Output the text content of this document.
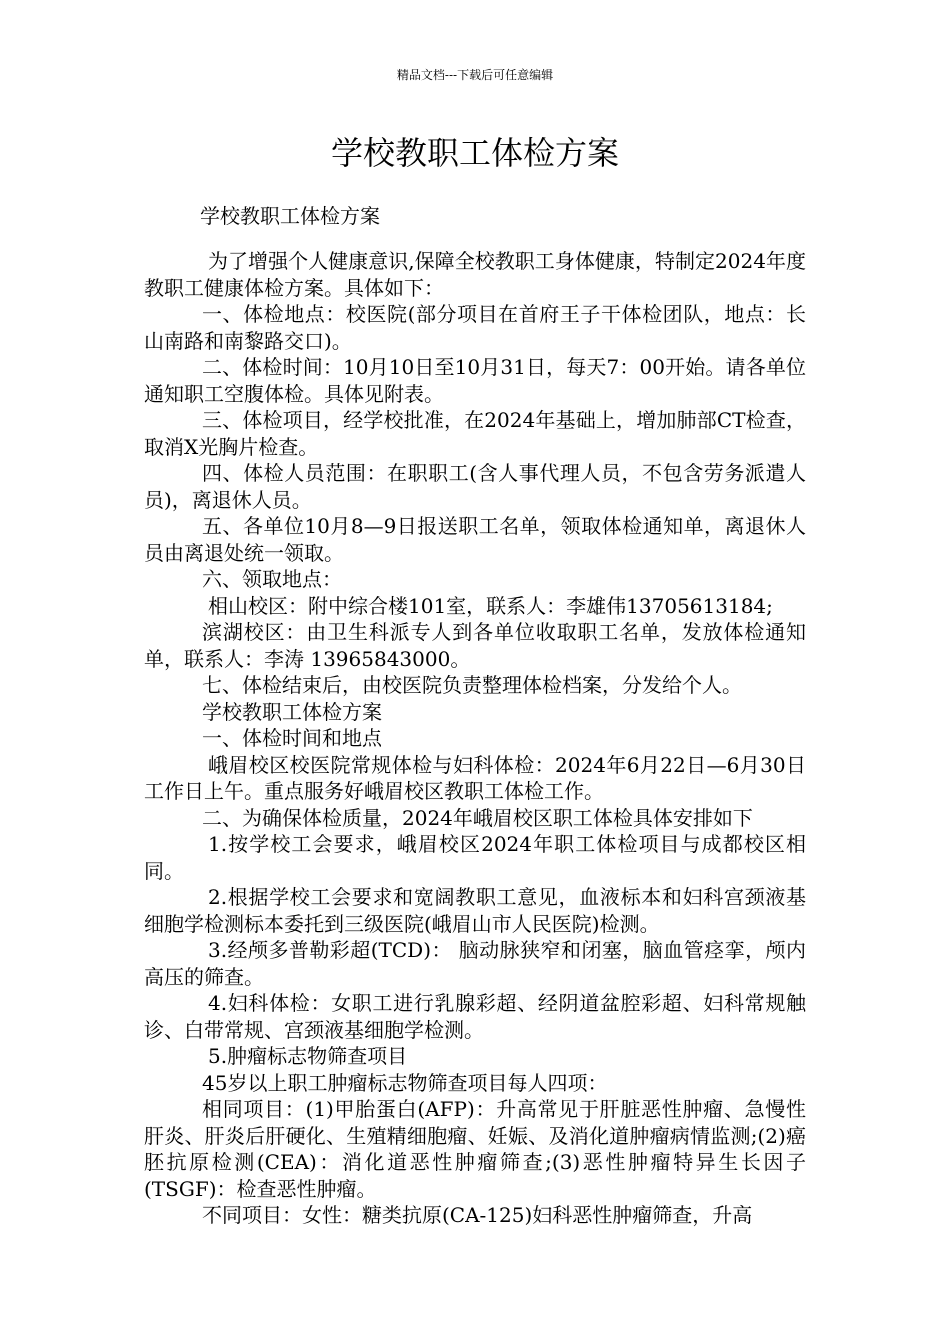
精品文档---下载后可任意编辑
学校教职工体检方案
学校教职工体检方案

为了增强个人健康意识,保障全校教职工身体健康，特制定2024年度教职工健康体检方案。具体如下：

一、体检地点：校医院(部分项目在首府王子干体检团队，地点：长山南路和南黎路交口)。

二、体检时间：10月10日至10月31日，每天7：00开始。请各单位通知职工空腹体检。具体见附表。

三、体检项目，经学校批准，在2024年基础上，增加肺部CT检查，取消X光胸片检查。

四、体检人员范围：在职职工(含人事代理人员，不包含劳务派遣人员)，离退休人员。

五、各单位10月8—9日报送职工名单，领取体检通知单，离退休人员由离退处统一领取。

六、领取地点：

相山校区：附中综合楼101室，联系人：李雄伟13705613184;

滨湖校区：由卫生科派专人到各单位收取职工名单，发放体检通知单，联系人：李涛 13965843000。

七、体检结束后，由校医院负责整理体检档案，分发给个人。

学校教职工体检方案

一、体检时间和地点

峨眉校区校医院常规体检与妇科体检：2024年6月22日—6月30日工作日上午。重点服务好峨眉校区教职工体检工作。

二、为确保体检质量，2024年峨眉校区职工体检具体安排如下

1.按学校工会要求，峨眉校区2024年职工体检项目与成都校区相同。

2.根据学校工会要求和宽阔教职工意见，血液标本和妇科宫颈液基细胞学检测标本委托到三级医院(峨眉山市人民医院)检测。

3.经颅多普勒彩超(TCD)： 脑动脉狭窄和闭塞，脑血管痉挛，颅内高压的筛查。

4.妇科体检：女职工进行乳腺彩超、经阴道盆腔彩超、妇科常规触诊、白带常规、宫颈液基细胞学检测。

5.肿瘤标志物筛查项目

45岁以上职工肿瘤标志物筛查项目每人四项：

相同项目：(1)甲胎蛋白(AFP)：升高常见于肝脏恶性肿瘤、急慢性肝炎、肝炎后肝硬化、生殖精细胞瘤、妊娠、及消化道肿瘤病情监测;(2)癌胚抗原检测(CEA)：消化道恶性肿瘤筛查;(3)恶性肿瘤特异生长因子(TSGF)：检查恶性肿瘤。

不同项目：女性：糖类抗原(CA-125)妇科恶性肿瘤筛查，升高
